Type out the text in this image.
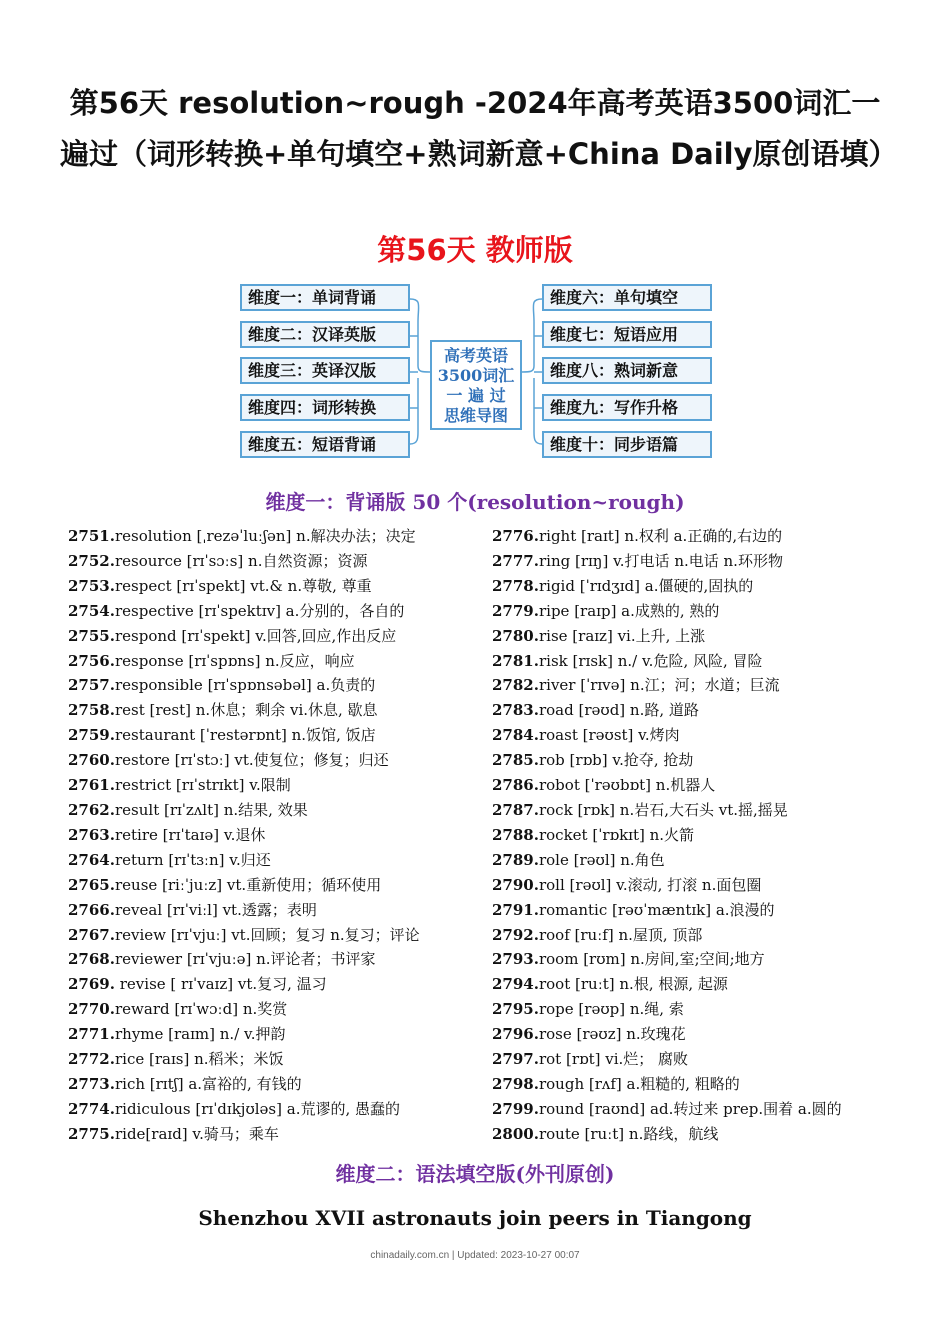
第56天 resolution~rough -2024年高考英语3500词汇一遍过（词形转换+单句填空+熟词新意+China Daily原创语填）
第56天 教师版
维度一：单词背诵
维度二：汉译英版
维度三：英译汉版
维度四：词形转换
维度五：短语背诵
高考英语
3500词汇
一 遍 过
思维导图
维度六：单句填空
维度七：短语应用
维度八：熟词新意
维度九：写作升格
维度十：同步语篇
维度一：背诵版 50 个(resolution~rough)
2751.resolution [ˌrezəˈluːʃən] n.解决办法；决定
2752.resource [rɪˈsɔːs] n.自然资源；资源
2753.respect [rɪˈspekt] vt.& n.尊敬, 尊重
2754.respective [rɪˈspektɪv] a.分别的，各自的
2755.respond [rɪˈspekt] v.回答,回应,作出反应
2756.response [rɪˈspɒns] n.反应，响应
2757.responsible [rɪˈspɒnsəbəl] a.负责的
2758.rest [rest] n.休息；剩余 vi.休息, 歇息
2759.restaurant [ˈrestərɒnt] n.饭馆, 饭店
2760.restore [rɪˈstɔː] vt.使复位；修复；归还
2761.restrict [rɪˈstrɪkt] v.限制
2762.result [rɪˈzʌlt] n.结果, 效果
2763.retire [rɪˈtaɪə] v.退休
2764.return [rɪˈtɜːn] v.归还
2765.reuse [riːˈjuːz] vt.重新使用；循环使用
2766.reveal [rɪˈviːl] vt.透露；表明
2767.review [rɪˈvjuː] vt.回顾；复习 n.复习；评论
2768.reviewer [rɪˈvjuːə] n.评论者；书评家
2769. revise [ rɪˈvaɪz] vt.复习, 温习
2770.reward [rɪˈwɔːd] n.奖赏
2771.rhyme [raɪm] n./ v.押韵
2772.rice [raɪs] n.稻米；米饭
2773.rich [rɪtʃ] a.富裕的, 有钱的
2774.ridiculous [rɪˈdɪkjʊləs] a.荒谬的, 愚蠢的
2775.ride[raɪd] v.骑马；乘车
2776.right [raɪt] n.权利 a.正确的,右边的
2777.ring [rɪŋ] v.打电话 n.电话 n.环形物
2778.rigid [ˈrɪdʒɪd] a.僵硬的,固执的
2779.ripe [raɪp] a.成熟的, 熟的
2780.rise [raɪz] vi.上升, 上涨
2781.risk [rɪsk] n./ v.危险, 风险, 冒险
2782.river [ˈrɪvə] n.江；河；水道；巨流
2783.road [rəʊd] n.路, 道路
2784.roast [rəʊst] v.烤肉
2785.rob [rɒb] v.抢夺, 抢劫
2786.robot [ˈrəʊbɒt] n.机器人
2787.rock [rɒk] n.岩石,大石头 vt.摇,摇晃
2788.rocket [ˈrɒkɪt] n.火箭
2789.role [rəʊl] n.角色
2790.roll [rəʊl] v.滚动, 打滚 n.面包圈
2791.romantic [rəʊˈmæntɪk] a.浪漫的
2792.roof [ruːf] n.屋顶, 顶部
2793.room [rʊm] n.房间,室;空间;地方
2794.root [ruːt] n.根, 根源, 起源
2795.rope [rəʊp] n.绳, 索
2796.rose [rəʊz] n.玫瑰花
2797.rot [rɒt] vi.烂； 腐败
2798.rough [rʌf] a.粗糙的, 粗略的
2799.round [raʊnd] ad.转过来 prep.围着 a.圆的
2800.route [ruːt] n.路线，航线
维度二：语法填空版(外刊原创)
Shenzhou XVII astronauts join peers in Tiangong
chinadaily.com.cn | Updated: 2023-10-27 00:07
